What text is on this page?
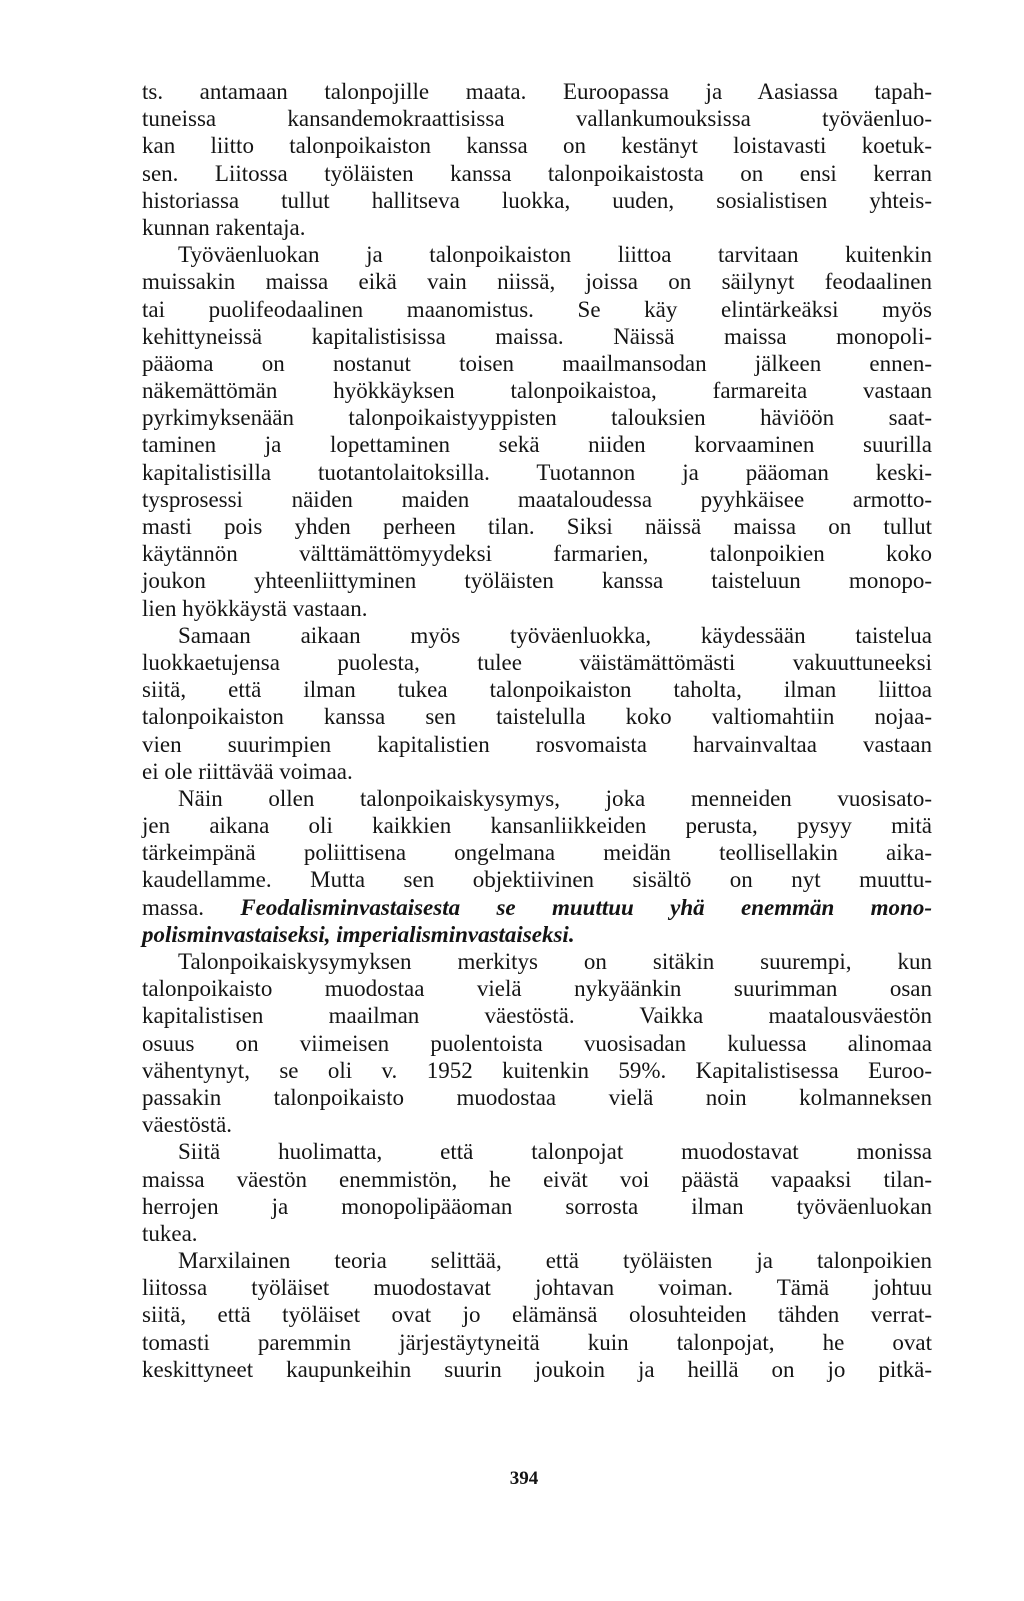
ts. antamaan talonpojille maata. Euroopassa ja Aasiassa tapah-
tuneissa kansandemokraattisissa vallankumouksissa työväenluo-
kan liitto talonpoikaiston kanssa on kestänyt loistavasti koetuk-
sen. Liitossa työläisten kanssa talonpoikaistosta on ensi kerran
historiassa tullut hallitseva luokka, uuden, sosialistisen yhteis-
kunnan rakentaja.
Työväenluokan ja talonpoikaiston liittoa tarvitaan kuitenkin
muissakin maissa eikä vain niissä, joissa on säilynyt feodaalinen
tai puolifeodaalinen maanomistus. Se käy elintärkeäksi myös
kehittyneissä kapitalistisissa maissa. Näissä maissa monopoli-
pääoma on nostanut toisen maailmansodan jälkeen ennen-
näkemättömän hyökkäyksen talonpoikaistoa, farmareita vastaan
pyrkimyksenään talonpoikaistyyppisten talouksien häviöön saat-
taminen ja lopettaminen sekä niiden korvaaminen suurilla
kapitalistisilla tuotantolaitoksilla. Tuotannon ja pääoman keski-
tysprosessi näiden maiden maataloudessa pyyhkäisee armotto-
masti pois yhden perheen tilan. Siksi näissä maissa on tullut
käytännön välttämättömyydeksi farmarien, talonpoikien koko
joukon yhteenliittyminen työläisten kanssa taisteluun monopo-
lien hyökkäystä vastaan.
Samaan aikaan myös työväenluokka, käydessään taistelua
luokkaetujensa puolesta, tulee väistämättömästi vakuuttuneeksi
siitä, että ilman tukea talonpoikaiston taholta, ilman liittoa
talonpoikaiston kanssa sen taistelulla koko valtiomahtiin nojaa-
vien suurimpien kapitalistien rosvomaista harvainvaltaa vastaan
ei ole riittävää voimaa.
Näin ollen talonpoikaiskysymys, joka menneiden vuosisato-
jen aikana oli kaikkien kansanliikkeiden perusta, pysyy mitä
tärkeimpänä poliittisena ongelmana meidän teollisellakin aika-
kaudellamme. Mutta sen objektiivinen sisältö on nyt muuttu-
massa. Feodalisminvastaisesta se muuttuu yhä enemmän mono-
polisminvastaiseksi, imperialisminvastaiseksi.
Talonpoikaiskysymyksen merkitys on sitäkin suurempi, kun
talonpoikaisto muodostaa vielä nykyäänkin suurimman osan
kapitalistisen maailman väestöstä. Vaikka maatalousväestön
osuus on viimeisen puolentoista vuosisadan kuluessa alinomaa
vähentynyt, se oli v. 1952 kuitenkin 59%. Kapitalistisessa Euroo-
passakin talonpoikaisto muodostaa vielä noin kolmanneksen
väestöstä.
Siitä huolimatta, että talonpojat muodostavat monissa
maissa väestön enemmistön, he eivät voi päästä vapaaksi tilan-
herrojen ja monopolipääoman sorrosta ilman työväenluokan
tukea.
Marxilainen teoria selittää, että työläisten ja talonpoikien
liitossa työläiset muodostavat johtavan voiman. Tämä johtuu
siitä, että työläiset ovat jo elämänsä olosuhteiden tähden verrat-
tomasti paremmin järjestäytyneitä kuin talonpojat, he ovat
keskittyneet kaupunkeihin suurin joukoin ja heillä on jo pitkä-
394
